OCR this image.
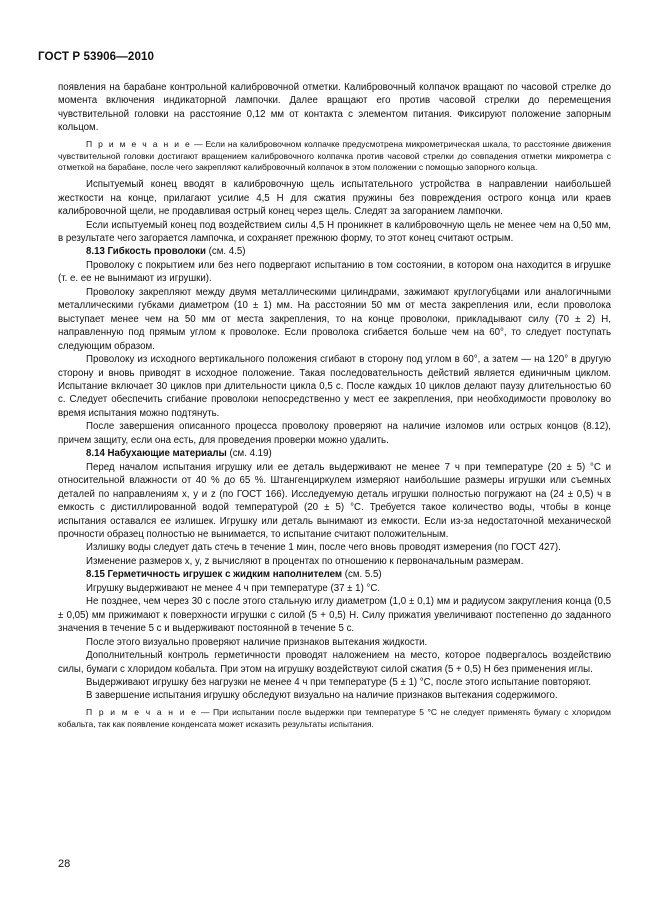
ГОСТ Р 53906—2010

появления на барабане контрольной калибровочной отметки. Калибровочный колпачок вращают по часовой стрелке до момента включения индикаторной лампочки. Далее вращают его против часовой стрелки до перемещения чувствительной головки на расстояние 0,12 мм от контакта с элементом питания. Фиксируют положение запорным кольцом.

П р и м е ч а н и е — Если на калибровочном колпачке предусмотрена микрометрическая шкала, то расстояние движения чувствительной головки достигают вращением калибровочного колпачка против часовой стрелки до совпадения отметки микрометра с отметкой на барабане, после чего закрепляют калибровочный колпачок в этом положении с помощью запорного кольца.

Испытуемый конец вводят в калибровочную щель испытательного устройства в направлении наибольшей жесткости на конце, прилагают усилие 4,5 Н для сжатия пружины без повреждения острого конца или краев калибровочной щели, не продавливая острый конец через щель. Следят за загоранием лампочки.

Если испытуемый конец под воздействием силы 4,5 Н проникнет в калибровочную щель не менее чем на 0,50 мм, в результате чего загорается лампочка, и сохраняет прежнюю форму, то этот конец считают острым.

8.13 Гибкость проволоки (см. 4.5)

Проволоку с покрытием или без него подвергают испытанию в том состоянии, в котором она находится в игрушке (т. е. ее не вынимают из игрушки).

Проволоку закрепляют между двумя металлическими цилиндрами, зажимают круглогубцами или аналогичными металлическими губками диаметром (10 ± 1) мм. На расстоянии 50 мм от места закрепления или, если проволока выступает менее чем на 50 мм от места закрепления, то на конце проволоки, прикладывают силу (70 ± 2) Н, направленную под прямым углом к проволоке. Если проволока сгибается больше чем на 60°, то следует поступать следующим образом.

Проволоку из исходного вертикального положения сгибают в сторону под углом в 60°, а затем — на 120° в другую сторону и вновь приводят в исходное положение. Такая последовательность действий является единичным циклом. Испытание включает 30 циклов при длительности цикла 0,5 с. После каждых 10 циклов делают паузу длительностью 60 с. Следует обеспечить сгибание проволоки непосредственно у мест ее закрепления, при необходимости проволоку во время испытания можно подтянуть.

После завершения описанного процесса проволоку проверяют на наличие изломов или острых концов (8.12), причем защиту, если она есть, для проведения проверки можно удалить.

8.14 Набухающие материалы (см. 4.19)

Перед началом испытания игрушку или ее деталь выдерживают не менее 7 ч при температуре (20 ± 5) °С и относительной влажности от 40 % до 65 %. Штангенциркулем измеряют наибольшие размеры игрушки или съемных деталей по направлениям x, y и z (по ГОСТ 166). Исследуемую деталь игрушки полностью погружают на (24 ± 0,5) ч в емкость с дистиллированной водой температурой (20 ± 5) °С. Требуется такое количество воды, чтобы в конце испытания оставался ее излишек. Игрушку или деталь вынимают из емкости. Если из-за недостаточной механической прочности образец полностью не вынимается, то испытание считают положительным.

Излишку воды следует дать стечь в течение 1 мин, после чего вновь проводят измерения (по ГОСТ 427).

Изменение размеров x, y, z вычисляют в процентах по отношению к первоначальным размерам.

8.15 Герметичность игрушек с жидким наполнителем (см. 5.5)

Игрушку выдерживают не менее 4 ч при температуре (37 ± 1) °С.

Не позднее, чем через 30 с после этого стальную иглу диаметром (1,0 ± 0,1) мм и радиусом закругления конца (0,5 ± 0,05) мм прижимают к поверхности игрушки с силой (5 + 0,5) Н. Силу прижатия увеличивают постепенно до заданного значения в течение 5 с и выдерживают постоянной в течение 5 с.

После этого визуально проверяют наличие признаков вытекания жидкости.

Дополнительный контроль герметичности проводят наложением на место, которое подвергалось воздействию силы, бумаги с хлоридом кобальта. При этом на игрушку воздействуют силой сжатия (5 + 0,5) Н без применения иглы.

Выдерживают игрушку без нагрузки не менее 4 ч при температуре (5 ± 1) °С, после этого испытание повторяют.

В завершение испытания игрушку обследуют визуально на наличие признаков вытекания содержимого.

П р и м е ч а н и е — При испытании после выдержки при температуре 5 °С не следует применять бумагу с хлоридом кобальта, так как появление конденсата может исказить результаты испытания.

28
